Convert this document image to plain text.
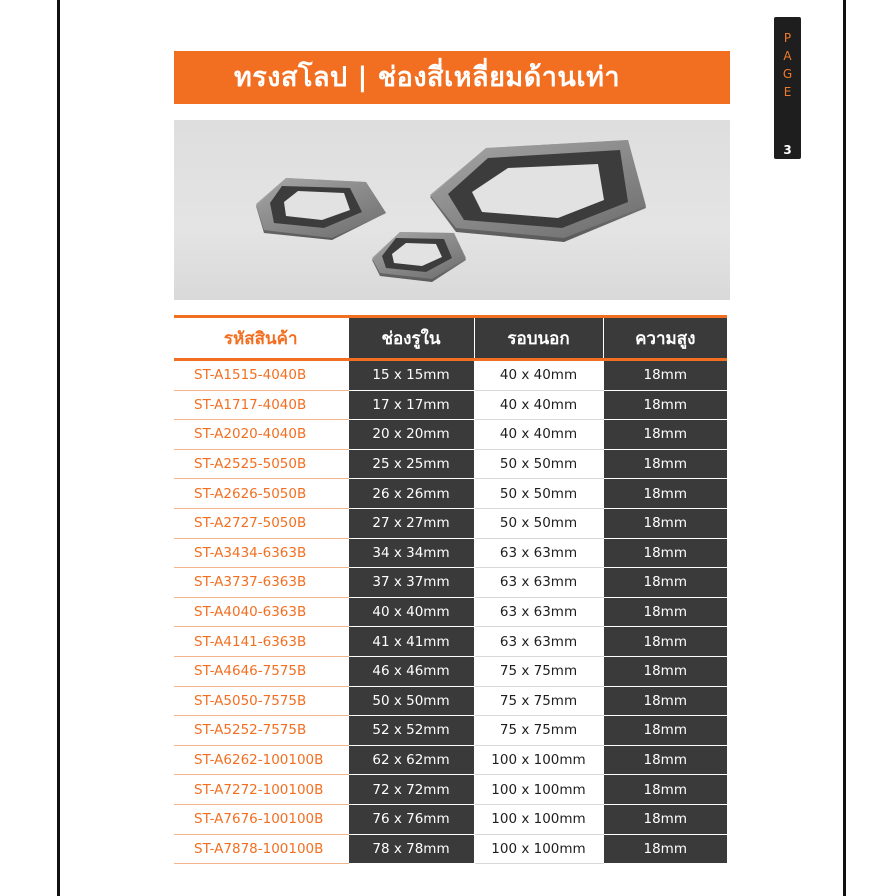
P
A
G
E
3
ทรงสโลป | ช่องสี่เหลี่ยมด้านเท่า
รหัสสินค้า	ช่องรูใน	รอบนอก	ความสูง
ST-A1515-4040B	15 x 15mm	40 x 40mm	18mm
ST-A1717-4040B	17 x 17mm	40 x 40mm	18mm
ST-A2020-4040B	20 x 20mm	40 x 40mm	18mm
ST-A2525-5050B	25 x 25mm	50 x 50mm	18mm
ST-A2626-5050B	26 x 26mm	50 x 50mm	18mm
ST-A2727-5050B	27 x 27mm	50 x 50mm	18mm
ST-A3434-6363B	34 x 34mm	63 x 63mm	18mm
ST-A3737-6363B	37 x 37mm	63 x 63mm	18mm
ST-A4040-6363B	40 x 40mm	63 x 63mm	18mm
ST-A4141-6363B	41 x 41mm	63 x 63mm	18mm
ST-A4646-7575B	46 x 46mm	75 x 75mm	18mm
ST-A5050-7575B	50 x 50mm	75 x 75mm	18mm
ST-A5252-7575B	52 x 52mm	75 x 75mm	18mm
ST-A6262-100100B	62 x 62mm	100 x 100mm	18mm
ST-A7272-100100B	72 x 72mm	100 x 100mm	18mm
ST-A7676-100100B	76 x 76mm	100 x 100mm	18mm
ST-A7878-100100B	78 x 78mm	100 x 100mm	18mm
